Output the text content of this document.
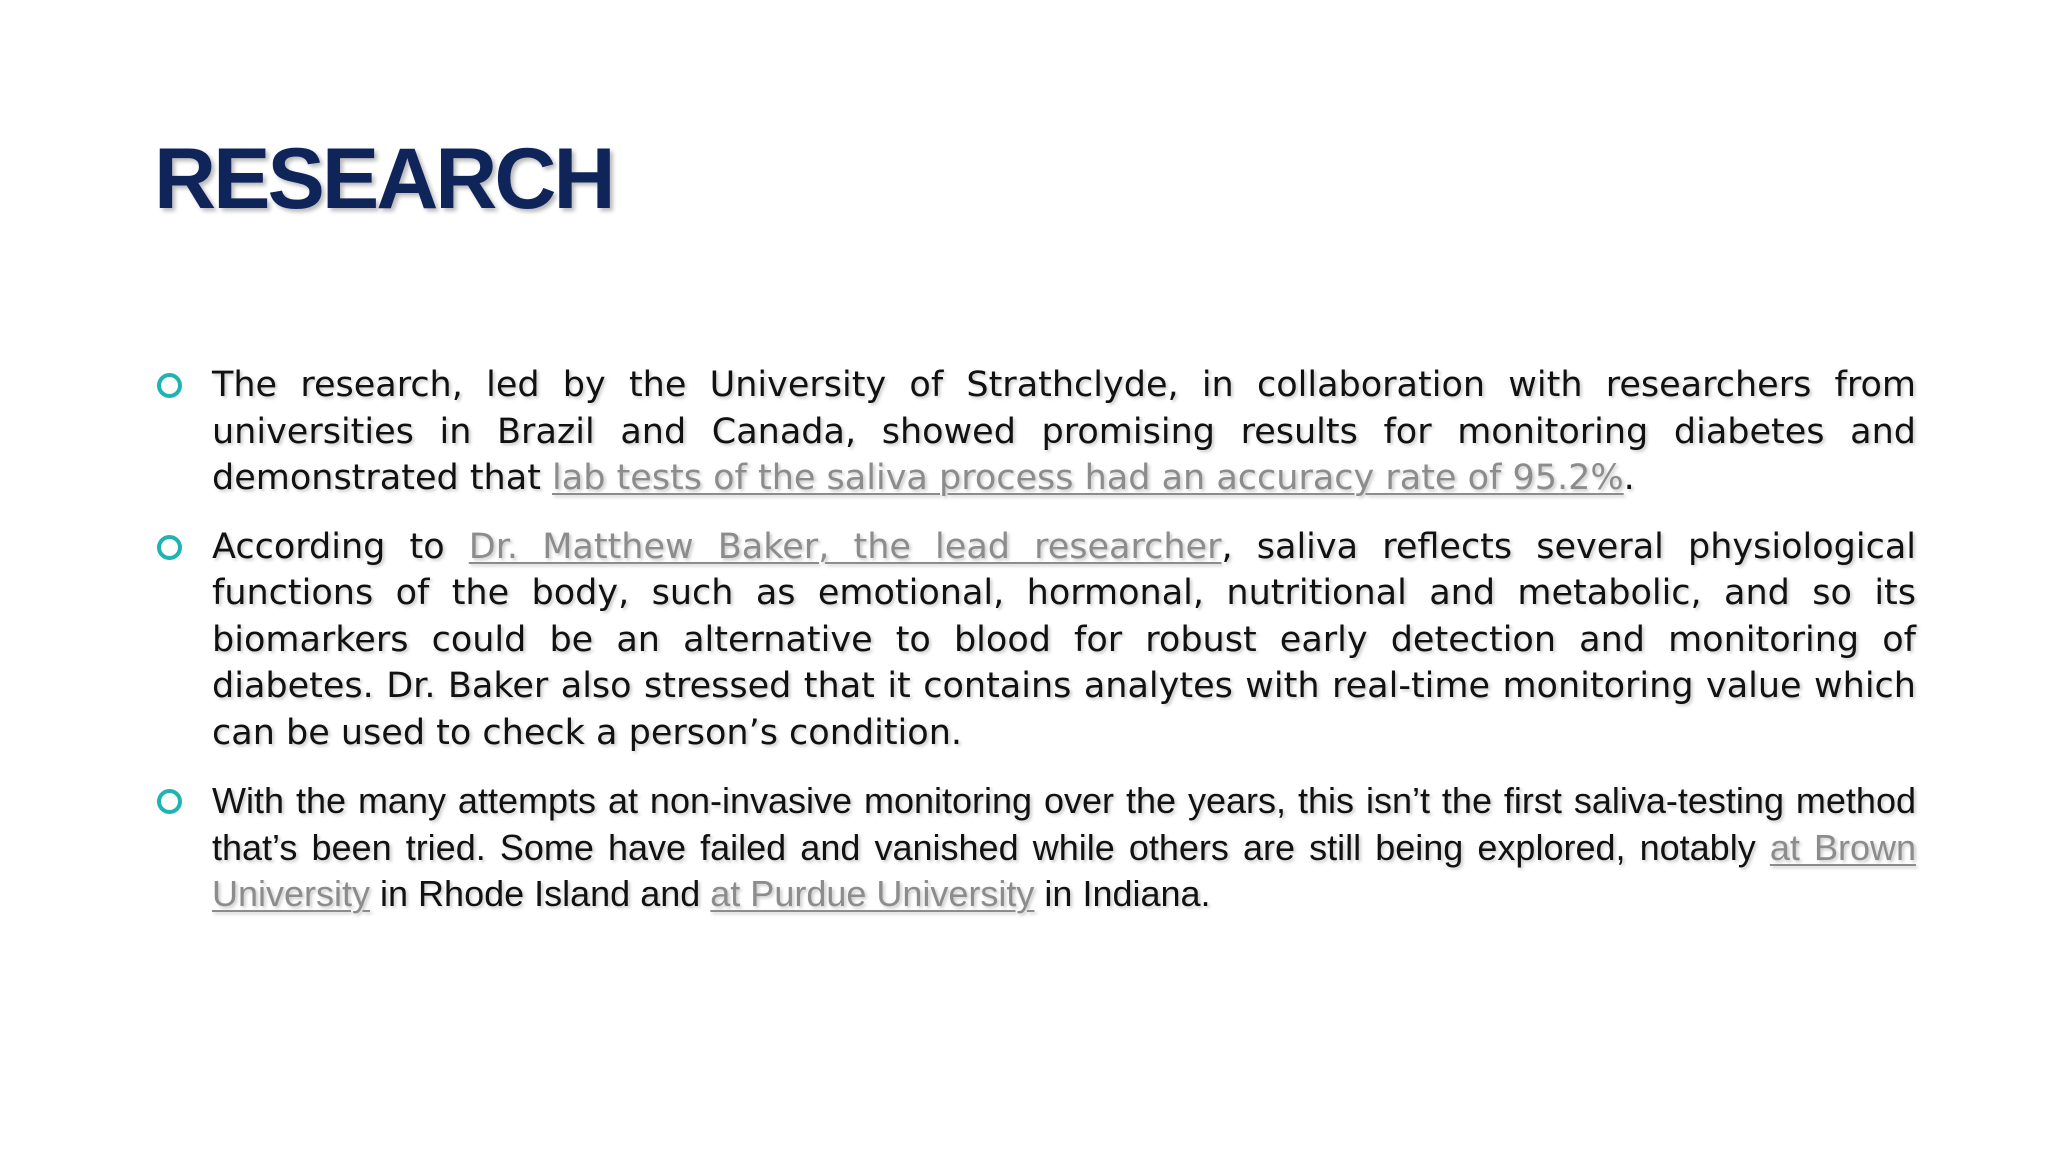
RESEARCH
The research, led by the University of Strathclyde, in collaboration with researchers from universities in Brazil and Canada, showed promising results for monitoring diabetes and demonstrated that lab tests of the saliva process had an accuracy rate of 95.2%.
According to Dr. Matthew Baker, the lead researcher, saliva reflects several physiological functions of the body, such as emotional, hormonal, nutritional and metabolic, and so its biomarkers could be an alternative to blood for robust early detection and monitoring of diabetes. Dr. Baker also stressed that it contains analytes with real-time monitoring value which can be used to check a person’s condition.
With the many attempts at non-invasive monitoring over the years, this isn’t the first saliva-testing method that’s been tried. Some have failed and vanished while others are still being explored, notably at Brown University in Rhode Island and at Purdue University in Indiana.
